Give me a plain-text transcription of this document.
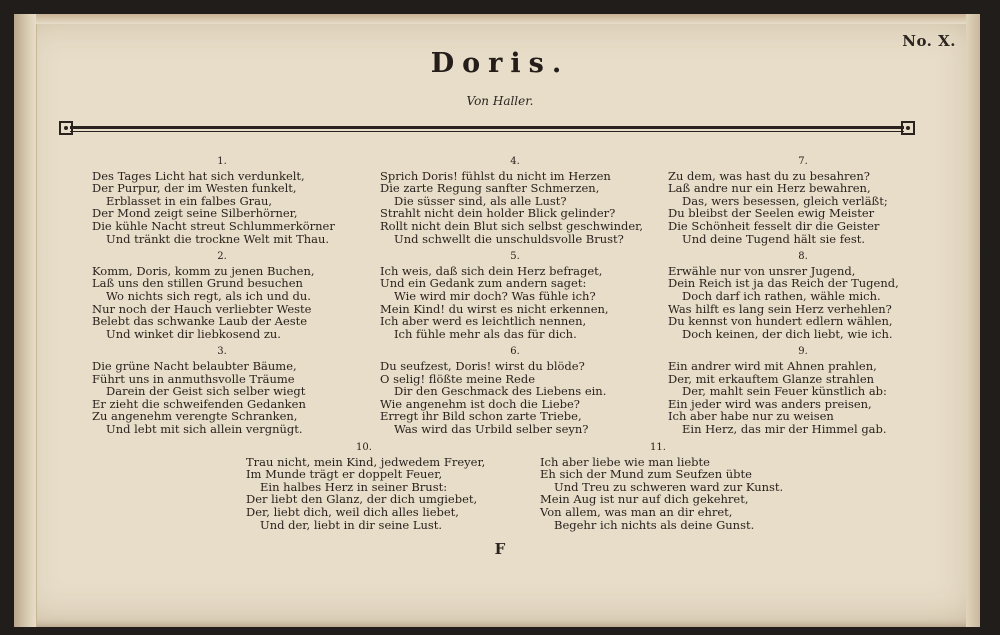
No. X.
Doris.
Von Haller.
1.
Des Tages Licht hat sich verdunkelt,
Der Purpur, der im Westen funkelt,
Erblasset in ein falbes Grau,
Der Mond zeigt seine Silberhörner,
Die kühle Nacht streut Schlummerkörner
Und tränkt die trockne Welt mit Thau.
2.
Komm, Doris, komm zu jenen Buchen,
Laß uns den stillen Grund besuchen
Wo nichts sich regt, als ich und du.
Nur noch der Hauch verliebter Weste
Belebt das schwanke Laub der Aeste
Und winket dir liebkosend zu.
3.
Die grüne Nacht belaubter Bäume,
Führt uns in anmuthsvolle Träume
Darein der Geist sich selber wiegt
Er zieht die schweifenden Gedanken
Zu angenehm verengte Schranken,
Und lebt mit sich allein vergnügt.
4.
Sprich Doris! fühlst du nicht im Herzen
Die zarte Regung sanfter Schmerzen,
Die süsser sind, als alle Lust?
Strahlt nicht dein holder Blick gelinder?
Rollt nicht dein Blut sich selbst geschwinder,
Und schwellt die unschuldsvolle Brust?
5.
Ich weis, daß sich dein Herz befraget,
Und ein Gedank zum andern saget:
Wie wird mir doch? Was fühle ich?
Mein Kind! du wirst es nicht erkennen,
Ich aber werd es leichtlich nennen,
Ich fühle mehr als das für dich.
6.
Du seufzest, Doris! wirst du blöde?
O selig! flößte meine Rede
Dir den Geschmack des Liebens ein.
Wie angenehm ist doch die Liebe?
Erregt ihr Bild schon zarte Triebe,
Was wird das Urbild selber seyn?
7.
Zu dem, was hast du zu besahren?
Laß andre nur ein Herz bewahren,
Das, wers besessen, gleich verläßt;
Du bleibst der Seelen ewig Meister
Die Schönheit fesselt dir die Geister
Und deine Tugend hält sie fest.
8.
Erwähle nur von unsrer Jugend,
Dein Reich ist ja das Reich der Tugend,
Doch darf ich rathen, wähle mich.
Was hilft es lang sein Herz verhehlen?
Du kennst von hundert edlern wählen,
Doch keinen, der dich liebt, wie ich.
9.
Ein andrer wird mit Ahnen prahlen,
Der, mit erkauftem Glanze strahlen
Der, mahlt sein Feuer künstlich ab:
Ein jeder wird was anders preisen,
Ich aber habe nur zu weisen
Ein Herz, das mir der Himmel gab.
10.
Trau nicht, mein Kind, jedwedem Freyer,
Im Munde trägt er doppelt Feuer,
Ein halbes Herz in seiner Brust:
Der liebt den Glanz, der dich umgiebet,
Der, liebt dich, weil dich alles liebet,
Und der, liebt in dir seine Lust.
11.
Ich aber liebe wie man liebte
Eh sich der Mund zum Seufzen übte
Und Treu zu schweren ward zur Kunst.
Mein Aug ist nur auf dich gekehret,
Von allem, was man an dir ehret,
Begehr ich nichts als deine Gunst.
F
